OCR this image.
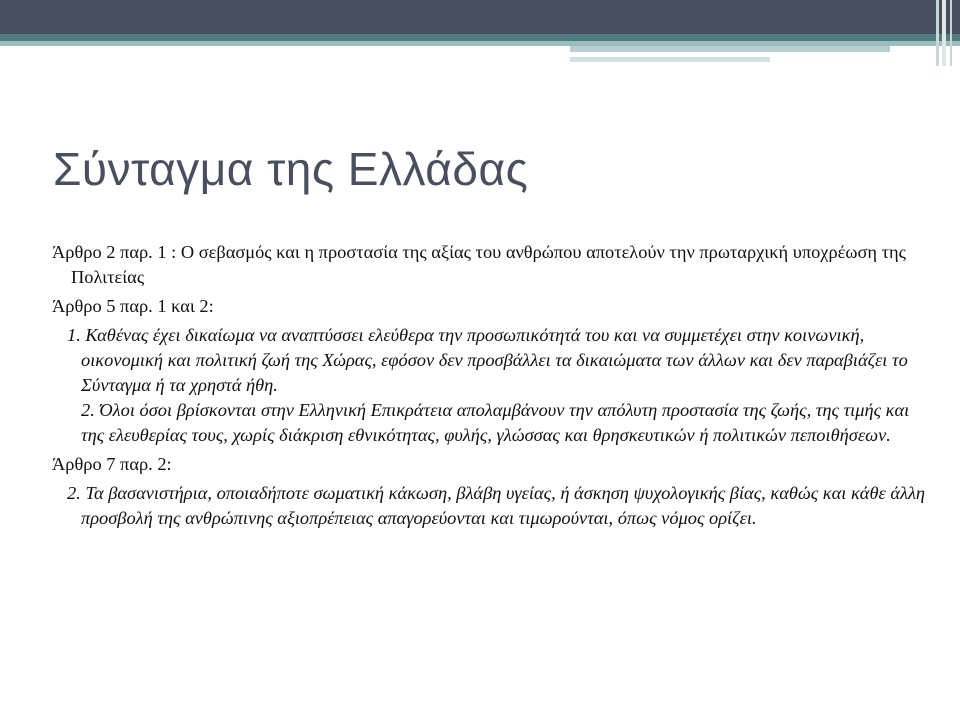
Σύνταγμα της Ελλάδας

Άρθρο 2 παρ. 1 : Ο σεβασμός και η προστασία της αξίας του ανθρώπου αποτελούν την πρωταρχική υποχρέωση της Πολιτείας

Άρθρο 5 παρ. 1 και 2:

1. Καθένας έχει δικαίωμα να αναπτύσσει ελεύθερα την προσωπικότητά του και να συμμετέχει στην κοινωνική, οικονομική και πολιτική ζωή της Χώρας, εφόσον δεν προσβάλλει τα δικαιώματα των άλλων και δεν παραβιάζει το Σύνταγμα ή τα χρηστά ήθη.
2. Όλοι όσοι βρίσκονται στην Ελληνική Επικράτεια απολαμβάνουν την απόλυτη προστασία της ζωής, της τιμής και της ελευθερίας τους, χωρίς διάκριση εθνικότητας, φυλής, γλώσσας και θρησκευτικών ή πολιτικών πεποιθήσεων.

Άρθρο 7 παρ. 2:

2. Τα βασανιστήρια, οποιαδήποτε σωματική κάκωση, βλάβη υγείας, ή άσκηση ψυχολογικής βίας, καθώς και κάθε άλλη προσβολή της ανθρώπινης αξιοπρέπειας απαγορεύονται και τιμωρούνται, όπως νόμος ορίζει.
